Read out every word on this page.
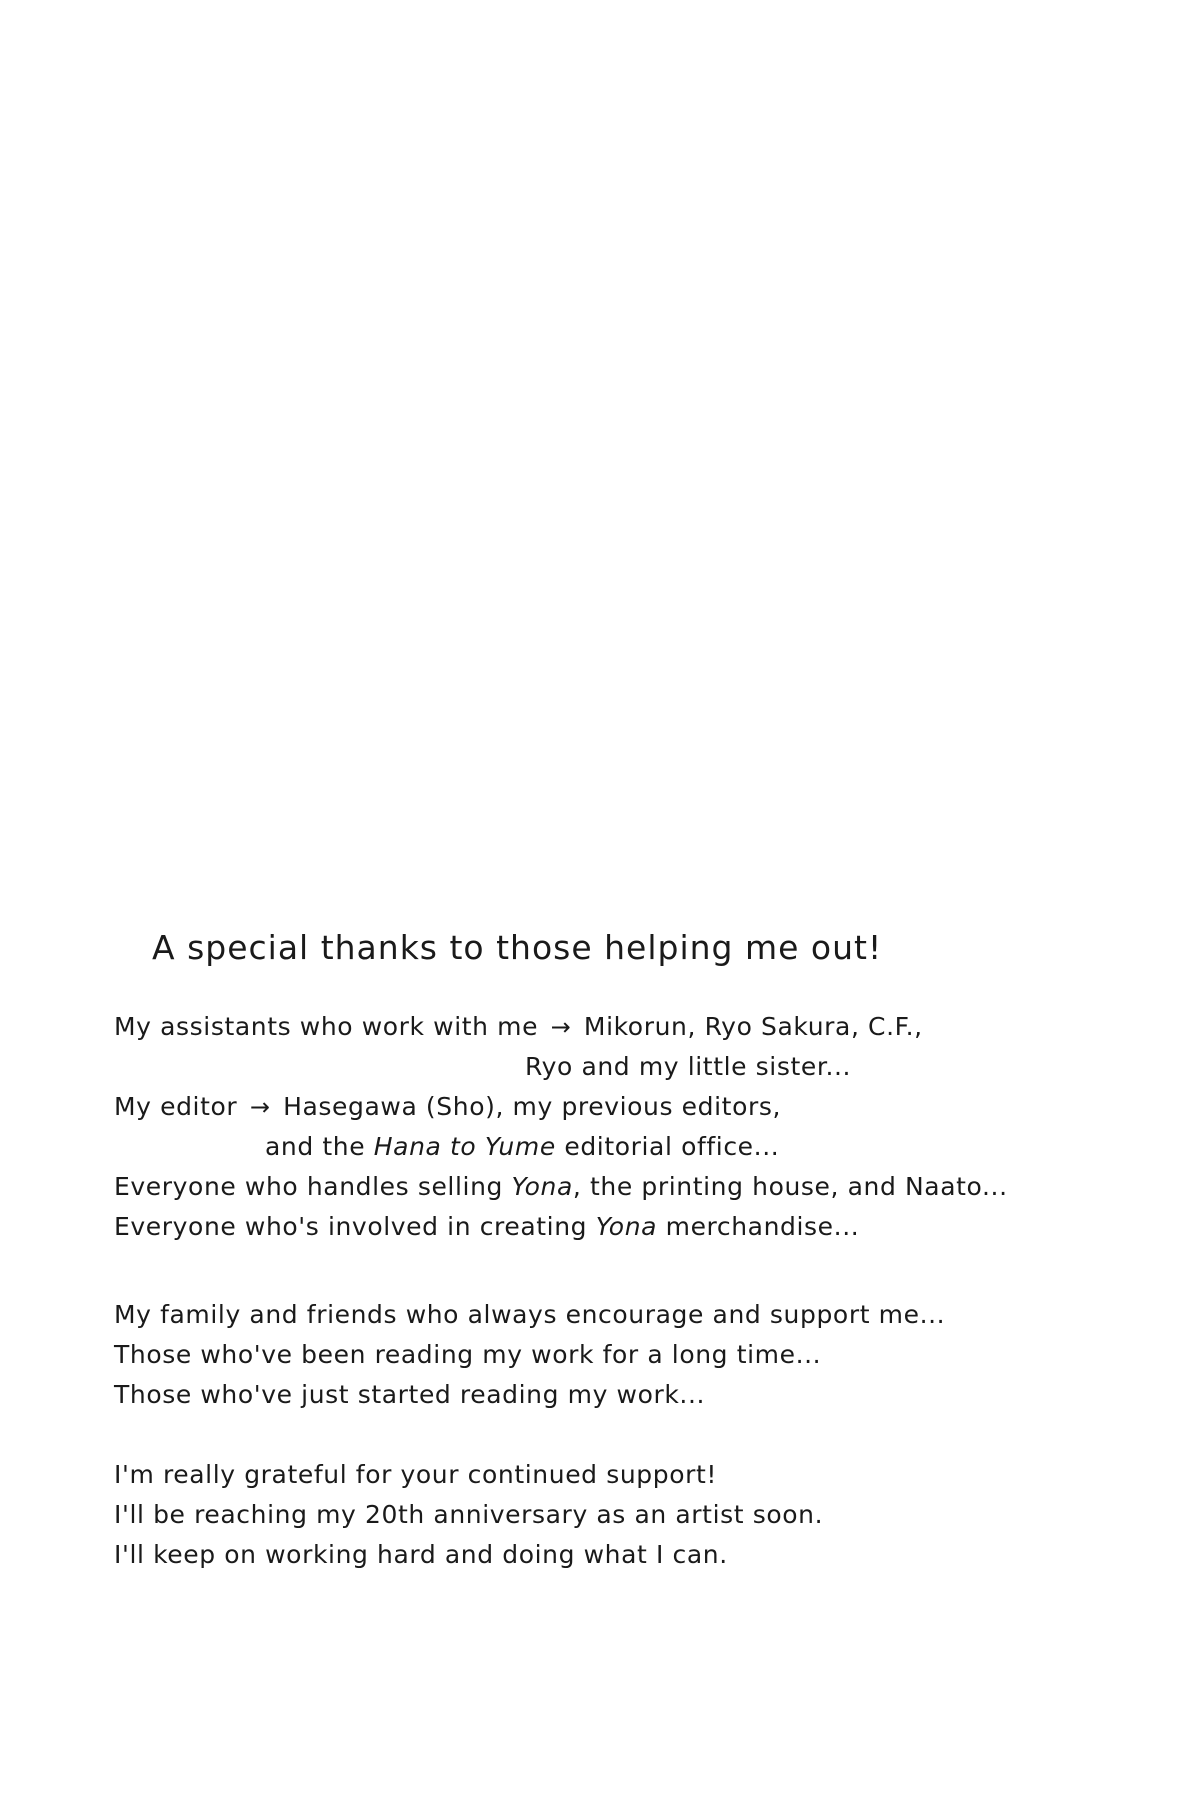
A special thanks to those helping me out!
My assistants who work with me → Mikorun, Ryo Sakura, C.F.,
Ryo and my little sister...
My editor → Hasegawa (Sho), my previous editors,
and the Hana to Yume editorial office...
Everyone who handles selling Yona, the printing house, and Naato...
Everyone who's involved in creating Yona merchandise...
My family and friends who always encourage and support me...
Those who've been reading my work for a long time...
Those who've just started reading my work...
I'm really grateful for your continued support!
I'll be reaching my 20th anniversary as an artist soon.
I'll keep on working hard and doing what I can.
